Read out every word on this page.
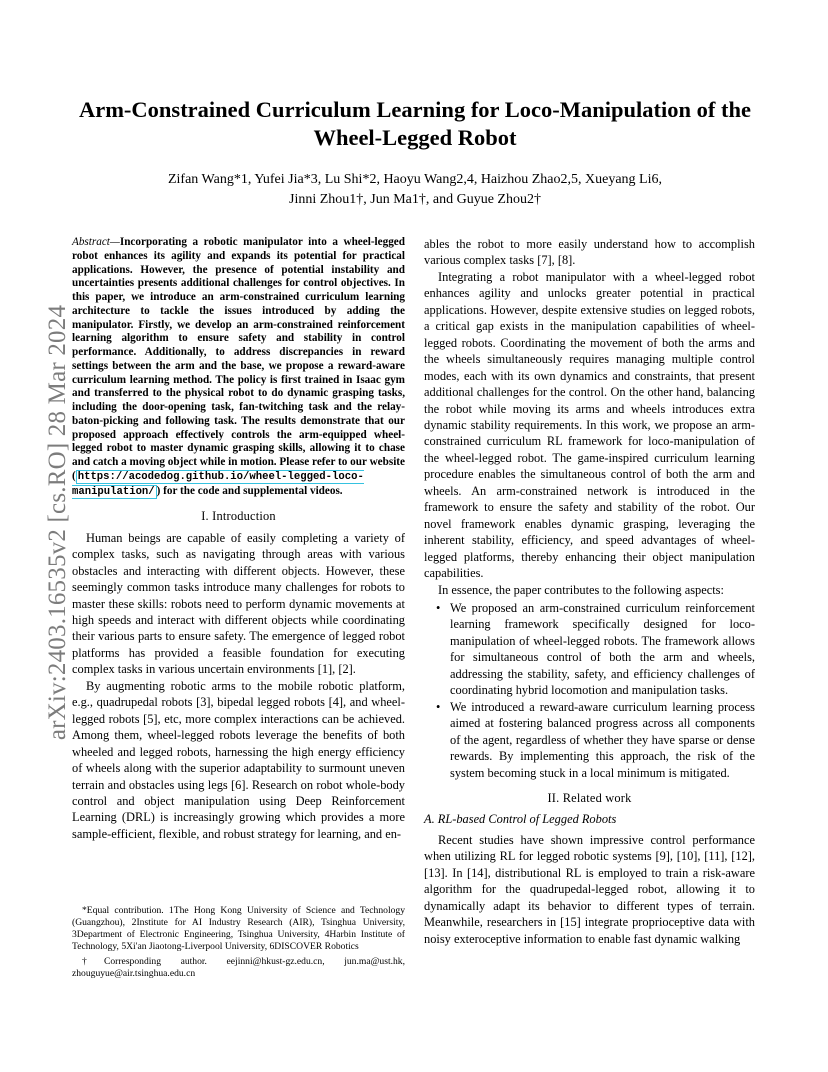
arXiv:2403.16535v2 [cs.RO] 28 Mar 2024
Arm-Constrained Curriculum Learning for Loco-Manipulation of the
Wheel-Legged Robot
Zifan Wang*1, Yufei Jia*3, Lu Shi*2, Haoyu Wang2,4, Haizhou Zhao2,5, Xueyang Li6,
Jinni Zhou1†, Jun Ma1†, and Guyue Zhou2†

Abstract—Incorporating a robotic manipulator into a wheel-legged robot enhances its agility and expands its potential for practical applications. However, the presence of potential instability and uncertainties presents additional challenges for control objectives. In this paper, we introduce an arm-constrained curriculum learning architecture to tackle the issues introduced by adding the manipulator. Firstly, we develop an arm-constrained reinforcement learning algorithm to ensure safety and stability in control performance. Additionally, to address discrepancies in reward settings between the arm and the base, we propose a reward-aware curriculum learning method. The policy is first trained in Isaac gym and transferred to the physical robot to do dynamic grasping tasks, including the door-opening task, fan-twitching task and the relay-baton-picking and following task. The results demonstrate that our proposed approach effectively controls the arm-equipped wheel-legged robot to master dynamic grasping skills, allowing it to chase and catch a moving object while in motion. Please refer to our website ( https://acodedog.github.io/wheel-legged-loco-manipulation/ ) for the code and supplemental videos.

I. Introduction

Human beings are capable of easily completing a variety of complex tasks, such as navigating through areas with various obstacles and interacting with different objects. However, these seemingly common tasks introduce many challenges for robots to master these skills: robots need to perform dynamic movements at high speeds and interact with different objects while coordinating their various parts to ensure safety. The emergence of legged robot platforms has provided a feasible foundation for executing complex tasks in various uncertain environments [1], [2].

By augmenting robotic arms to the mobile robotic platform, e.g., quadrupedal robots [3], bipedal legged robots [4], and wheel-legged robots [5], etc, more complex interactions can be achieved. Among them, wheel-legged robots leverage the benefits of both wheeled and legged robots, harnessing the high energy efficiency of wheels along with the superior adaptability to surmount uneven terrain and obstacles using legs [6]. Research on robot whole-body control and object manipulation using Deep Reinforcement Learning (DRL) is increasingly growing which provides a more sample-efficient, flexible, and robust strategy for learning, and en-

*Equal contribution. 1The Hong Kong University of Science and Technology (Guangzhou), 2Institute for AI Industry Research (AIR), Tsinghua University, 3Department of Electronic Engineering, Tsinghua University, 4Harbin Institute of Technology, 5Xi'an Jiaotong-Liverpool University, 6DISCOVER Robotics

†Corresponding author. eejinni@hkust-gz.edu.cn, jun.ma@ust.hk, zhouguyue@air.tsinghua.edu.cn

ables the robot to more easily understand how to accomplish various complex tasks [7], [8].

Integrating a robot manipulator with a wheel-legged robot enhances agility and unlocks greater potential in practical applications. However, despite extensive studies on legged robots, a critical gap exists in the manipulation capabilities of wheel-legged robots. Coordinating the movement of both the arms and the wheels simultaneously requires managing multiple control modes, each with its own dynamics and constraints, that present additional challenges for the control. On the other hand, balancing the robot while moving its arms and wheels introduces extra dynamic stability requirements. In this work, we propose an arm-constrained curriculum RL framework for loco-manipulation of the wheel-legged robot. The game-inspired curriculum learning procedure enables the simultaneous control of both the arm and wheels. An arm-constrained network is introduced in the framework to ensure the safety and stability of the robot. Our novel framework enables dynamic grasping, leveraging the inherent stability, efficiency, and speed advantages of wheel-legged platforms, thereby enhancing their object manipulation capabilities.

In essence, the paper contributes to the following aspects:

• We proposed an arm-constrained curriculum reinforcement learning framework specifically designed for loco-manipulation of wheel-legged robots. The framework allows for simultaneous control of both the arm and wheels, addressing the stability, safety, and efficiency challenges of coordinating hybrid locomotion and manipulation tasks.
• We introduced a reward-aware curriculum learning process aimed at fostering balanced progress across all components of the agent, regardless of whether they have sparse or dense rewards. By implementing this approach, the risk of the system becoming stuck in a local minimum is mitigated.
II. Related work
A. RL-based Control of Legged Robots

Recent studies have shown impressive control performance when utilizing RL for legged robotic systems [9], [10], [11], [12], [13]. In [14], distributional RL is employed to train a risk-aware algorithm for the quadrupedal-legged robot, allowing it to dynamically adapt its behavior to different types of terrain. Meanwhile, researchers in [15] integrate proprioceptive data with noisy exteroceptive information to enable fast dynamic walking
